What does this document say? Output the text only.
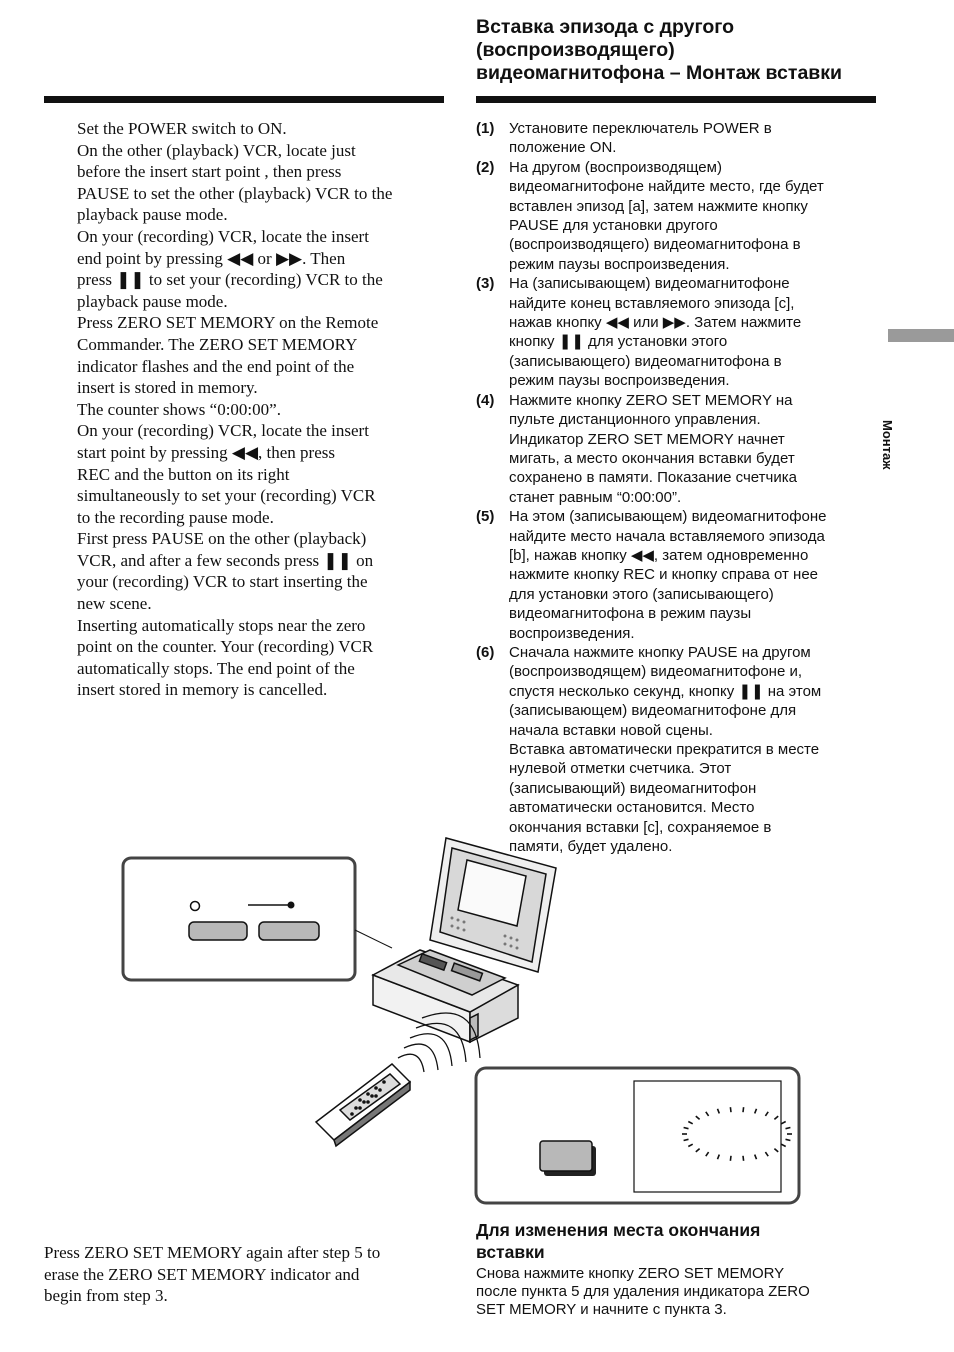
Вставка эпизода с другого
(воспроизводящего)
видеомагнитофона – Монтаж вставки
Set the POWER switch to ON.
On the other (playback) VCR, locate just
before the insert start point , then press
PAUSE to set the other (playback) VCR to the
playback pause mode.
On your (recording) VCR, locate the insert
end point by pressing ◀◀ or ▶▶. Then
press ❚❚ to set your (recording) VCR to the
playback pause mode.
Press ZERO SET MEMORY on the Remote
Commander. The ZERO SET MEMORY
indicator flashes and the end point of the
insert is stored in memory.
The counter shows “0:00:00”.
On your (recording) VCR, locate the insert
start point by pressing ◀◀, then press
REC and the button on its right
simultaneously to set your (recording) VCR
to the recording pause mode.
First press PAUSE on the other (playback)
VCR, and after a few seconds press ❚❚ on
your (recording) VCR to start inserting the
new scene.
Inserting automatically stops near the zero
point on the counter. Your (recording) VCR
automatically stops. The end point of the
insert stored in memory is cancelled.
(1) Установите переключатель POWER в
положение ON.
(2) На другом (воспроизводящем)
видеомагнитофоне найдите место, где будет
вставлен эпизод [a], затем нажмите кнопку
PAUSE для установки другого
(воспроизводящего) видеомагнитофона в
режим паузы воспроизведения.
(3) На (записывающем) видеомагнитофоне
найдите конец вставляемого эпизода [c],
нажав кнопку ◀◀ или ▶▶. Затем нажмите
кнопку ❚❚ для установки этого
(записывающего) видеомагнитофона в
режим паузы воспроизведения.
(4) Нажмите кнопку ZERO SET MEMORY на
пульте дистанционного управления.
Индикатор ZERO SET MEMORY начнет
мигать, а место окончания вставки будет
сохранено в памяти. Показание счетчика
станет равным “0:00:00”.
(5) На этом (записывающем) видеомагнитофоне
найдите место начала вставляемого эпизода
[b], нажав кнопку ◀◀, затем одновременно
нажмите кнопку REC и кнопку справа от нее
для установки этого (записывающего)
видеомагнитофона в режим паузы
воспроизведения.
(6) Сначала нажмите кнопку PAUSE на другом
(воспроизводящем) видеомагнитофоне и,
спустя несколько секунд, кнопку ❚❚ на этом
(записывающем) видеомагнитофоне для
начала вставки новой сцены.
Вставка автоматически прекратится в месте
нулевой отметки счетчика. Этот
(записывающий) видеомагнитофон
автоматически остановится. Место
окончания вставки [c], сохраняемое в
памяти, будет удалено.
Монтаж
Press ZERO SET MEMORY again after step 5 to
erase the ZERO SET MEMORY indicator and
begin from step 3.
Для изменения места окончания
вставки
Снова нажмите кнопку ZERO SET MEMORY
после пункта 5 для удаления индикатора ZERO
SET MEMORY и начните с пункта 3.
